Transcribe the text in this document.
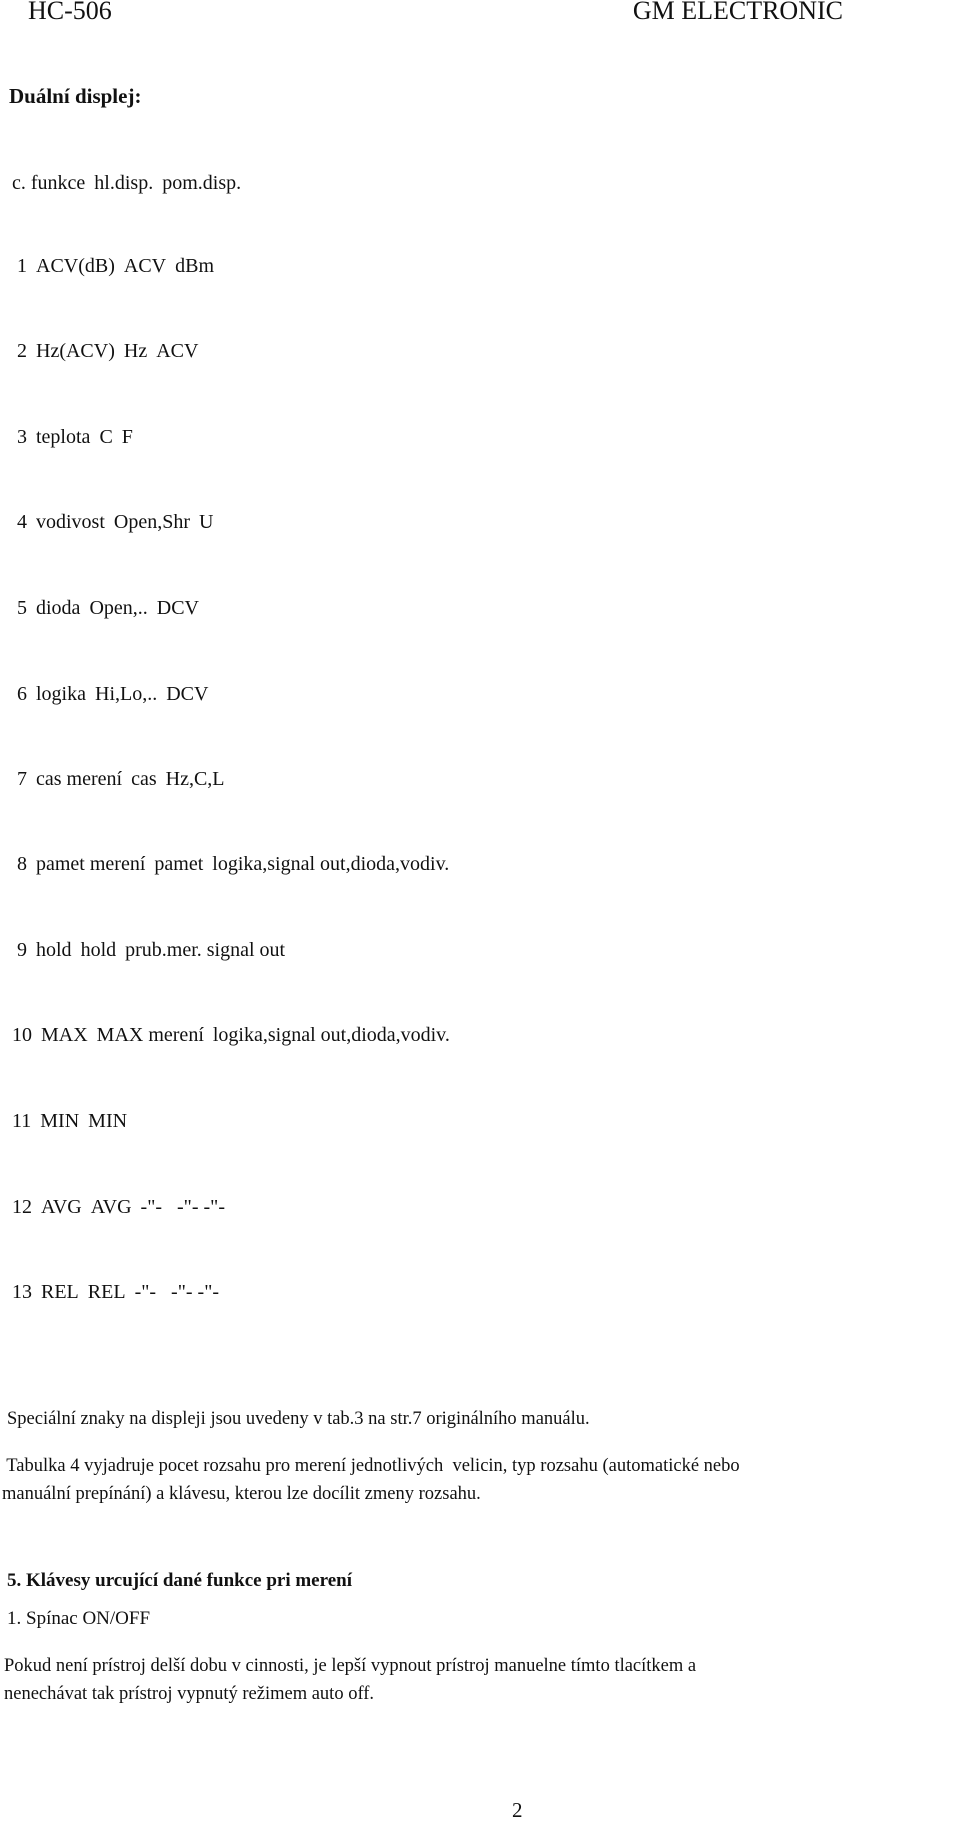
HC-506	GM ELECTRONIC
Duální displej:
c. funkce hl.disp. pom.disp.
1 ACV(dB) ACV dBm
2 Hz(ACV) Hz ACV
3 teplota C F
4 vodivost Open,Shr U
5 dioda Open,.. DCV
6 logika Hi,Lo,.. DCV
7 cas merení cas Hz,C,L
8 pamet merení pamet logika,signal out,dioda,vodiv.
9 hold hold prub.mer. signal out
10 MAX MAX merení logika,signal out,dioda,vodiv.
11 MIN MIN
12 AVG AVG -"-   -"- -"-
13 REL REL -"-   -"- -"-
Speciální znaky na displeji jsou uvedeny v tab.3 na str.7 originálního manuálu.
Tabulka 4 vyjadruje pocet rozsahu pro merení jednotlivých  velicin, typ rozsahu (automatické nebo
manuální prepínání) a klávesu, kterou lze docílit zmeny rozsahu.
5. Klávesy urcující dané funkce pri merení
1. Spínac ON/OFF
Pokud není prístroj delší dobu v cinnosti, je lepší vypnout prístroj manuelne tímto tlacítkem a
nenechávat tak prístroj vypnutý režimem auto off.
2
